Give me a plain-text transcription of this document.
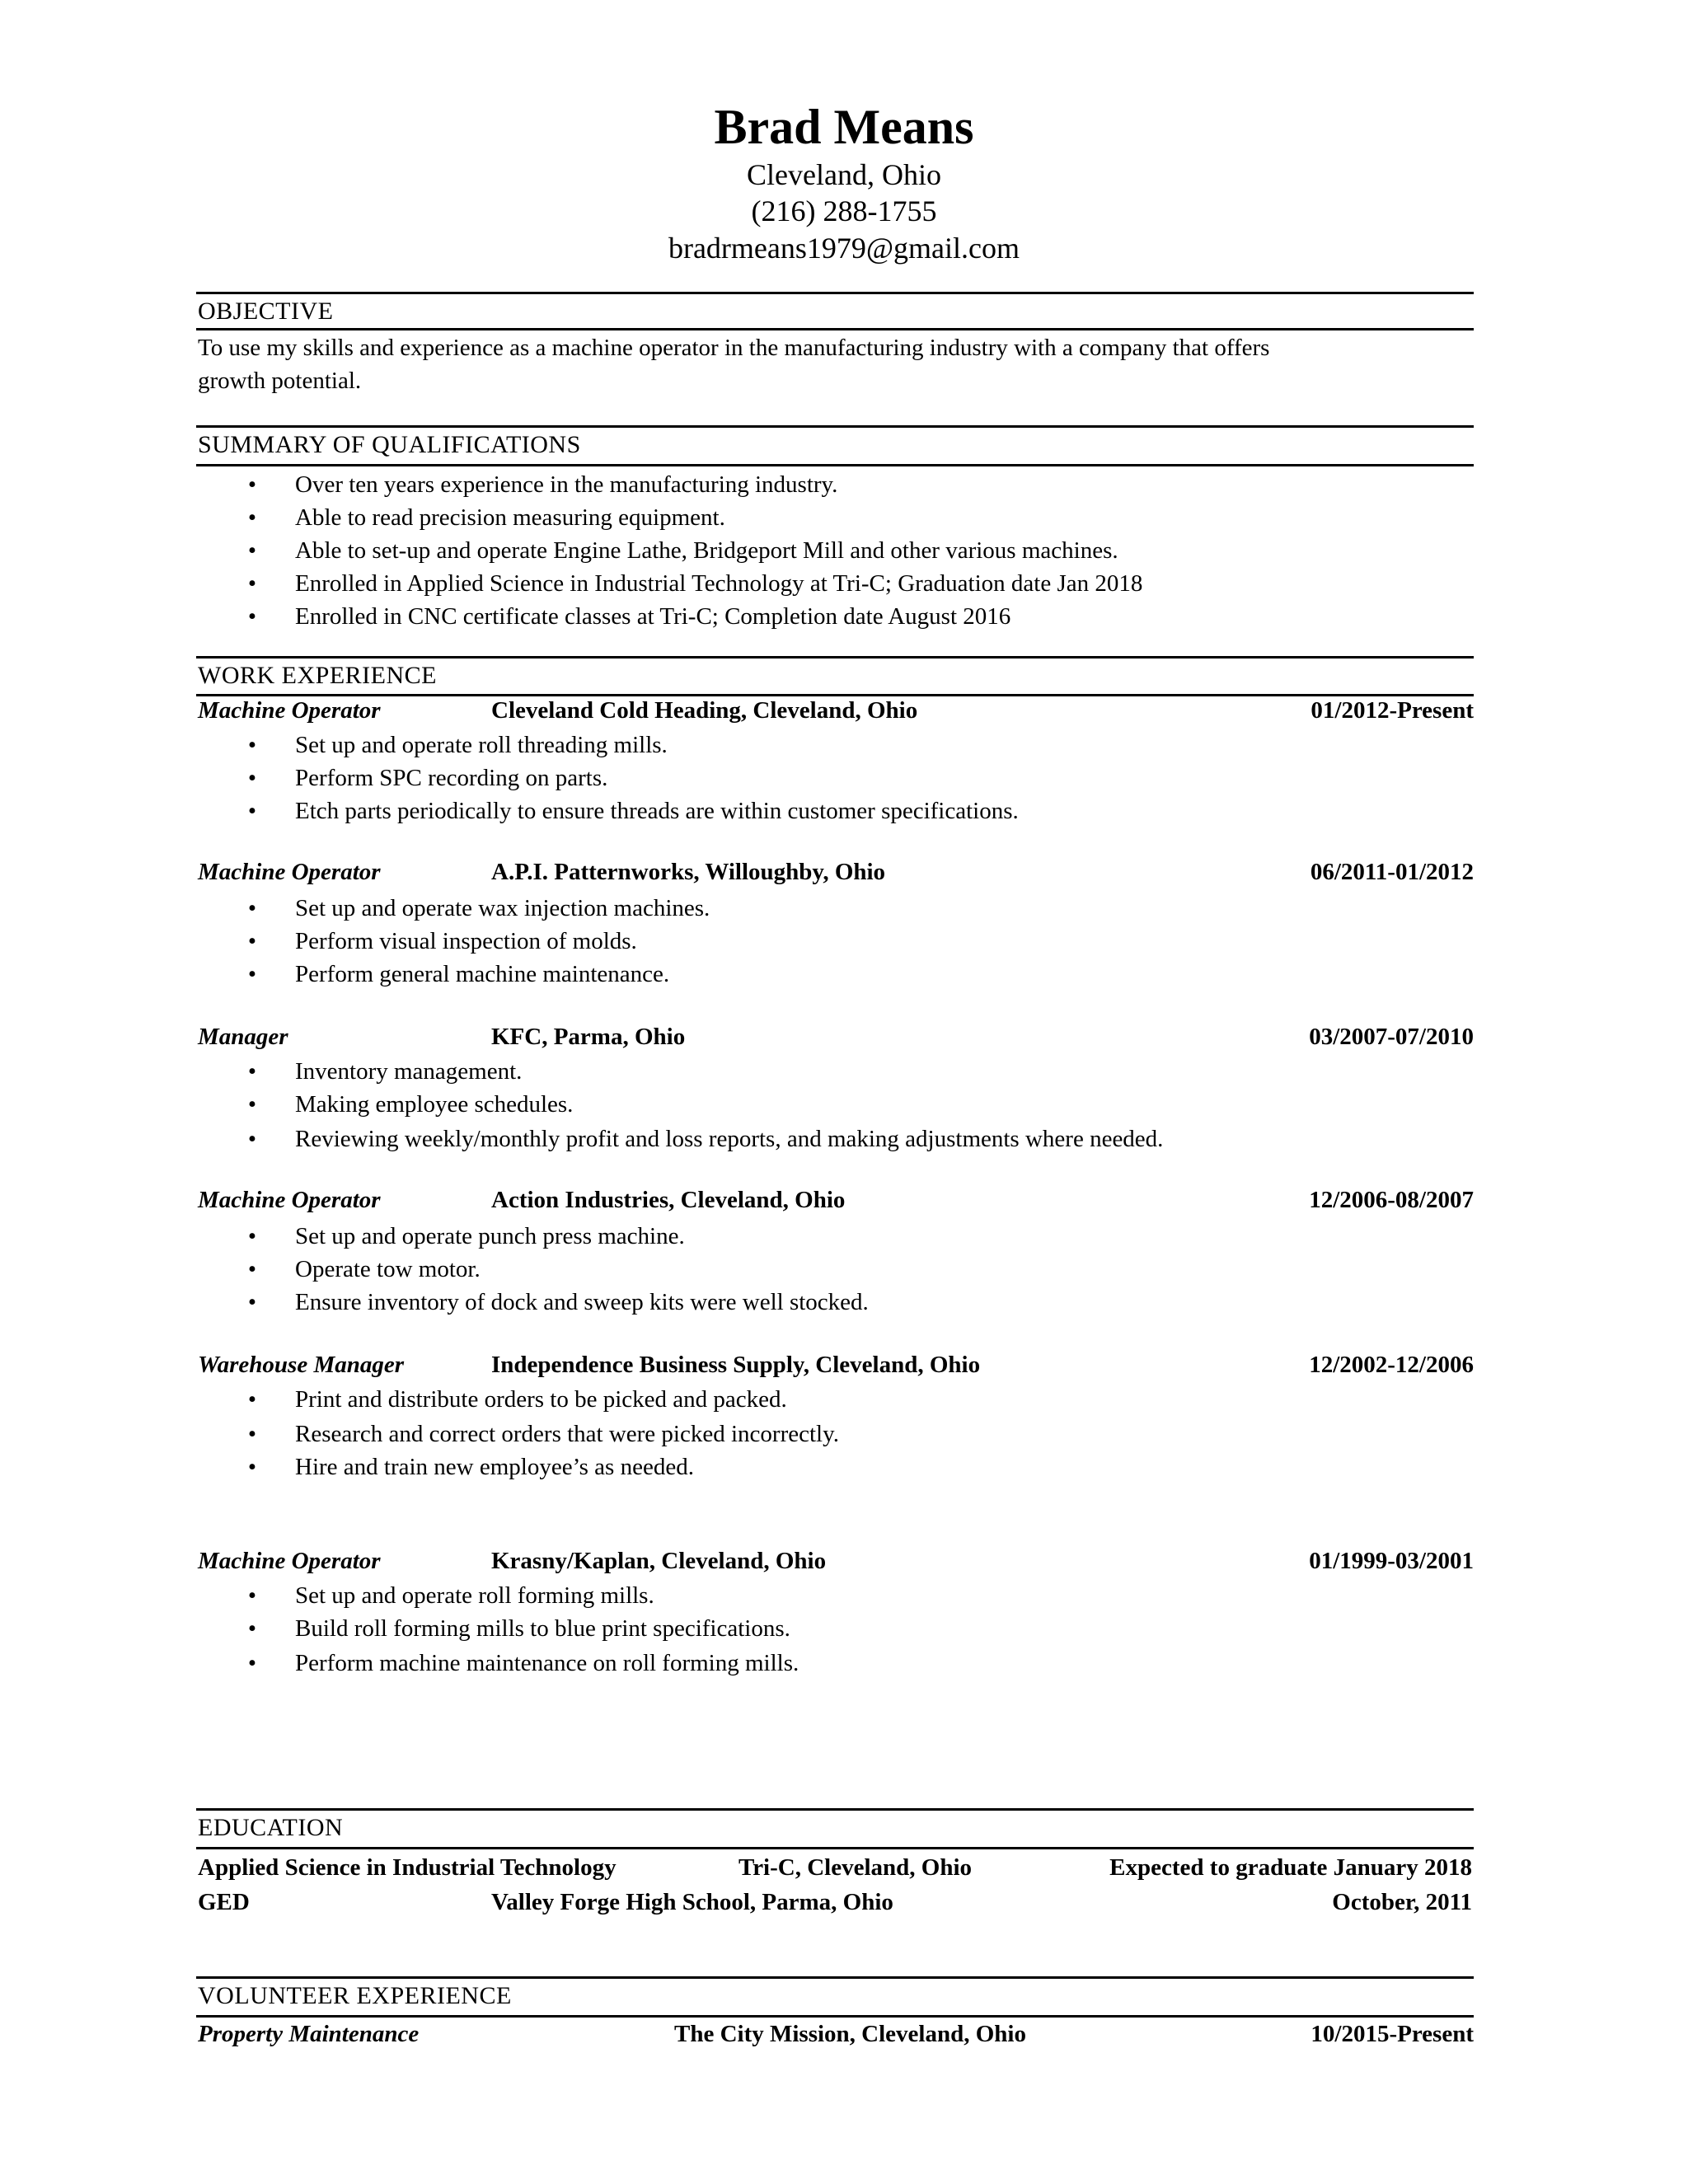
Brad Means
Cleveland, Ohio
(216) 288-1755
bradrmeans1979@gmail.com
OBJECTIVE
To use my skills and experience as a machine operator in the manufacturing industry with a company that offers
growth potential.
SUMMARY OF QUALIFICATIONS
• Over ten years experience in the manufacturing industry.
• Able to read precision measuring equipment.
• Able to set-up and operate Engine Lathe, Bridgeport Mill and other various machines.
• Enrolled in Applied Science in Industrial Technology at Tri-C; Graduation date Jan 2018
• Enrolled in CNC certificate classes at Tri-C; Completion date August 2016
WORK EXPERIENCE
Machine Operator	Cleveland Cold Heading, Cleveland, Ohio	01/2012-Present
• Set up and operate roll threading mills.
• Perform SPC recording on parts.
• Etch parts periodically to ensure threads are within customer specifications.
Machine Operator	A.P.I. Patternworks, Willoughby, Ohio	06/2011-01/2012
• Set up and operate wax injection machines.
• Perform visual inspection of molds.
• Perform general machine maintenance.
Manager	KFC, Parma, Ohio	03/2007-07/2010
• Inventory management.
• Making employee schedules.
• Reviewing weekly/monthly profit and loss reports, and making adjustments where needed.
Machine Operator	Action Industries, Cleveland, Ohio	12/2006-08/2007
• Set up and operate punch press machine.
• Operate tow motor.
• Ensure inventory of dock and sweep kits were well stocked.
Warehouse Manager	Independence Business Supply, Cleveland, Ohio	12/2002-12/2006
• Print and distribute orders to be picked and packed.
• Research and correct orders that were picked incorrectly.
• Hire and train new employee’s as needed.
Machine Operator	Krasny/Kaplan, Cleveland, Ohio	01/1999-03/2001
• Set up and operate roll forming mills.
• Build roll forming mills to blue print specifications.
• Perform machine maintenance on roll forming mills.
EDUCATION
Applied Science in Industrial Technology	Tri-C, Cleveland, Ohio	Expected to graduate January 2018
GED	Valley Forge High School, Parma, Ohio	October, 2011
VOLUNTEER EXPERIENCE
Property Maintenance	The City Mission, Cleveland, Ohio	10/2015-Present
